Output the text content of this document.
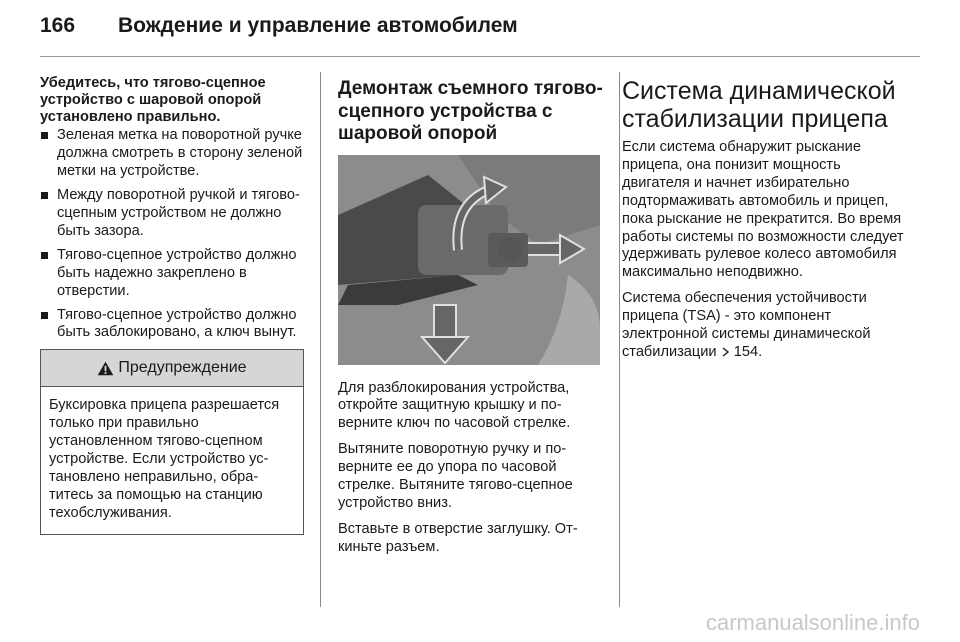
166 Вождение и управление автомобилем
Убедитесь, что тягово-сцепное устройство с шаровой опорой установлено правильно.
Зеленая метка на поворотной ручке должна смотреть в сторону зеленой метки на устройстве.
Между поворотной ручкой и тягово-сцепным устройством не должно быть зазора.
Тягово-сцепное устройство должно быть надежно закреплено в отверстии.
Тягово-сцепное устройство должно быть заблокировано, а ключ вынут.
Предупреждение
Буксировка прицепа разрешается только при правильно установленном тягово-сцепном устройстве. Если устройство установлено неправильно, обратитесь за помощью на станцию техобслуживания.
Демонтаж съемного тягово-сцепного устройства с шаровой опорой

Для разблокирования устройства, откройте защитную крышку и поверните ключ по часовой стрелке.

Вытяните поворотную ручку и поверните ее до упора по часовой стрелке. Вытяните тягово-сцепное устройство вниз.

Вставьте в отверстие заглушку. Откиньте разъем.

Система динамической стабилизации прицепа

Если система обнаружит рыскание прицепа, она понизит мощность двигателя и начнет избирательно подтормаживать автомобиль и прицеп, пока рыскание не прекратится. Во время работы системы по возможности следует удерживать рулевое колесо автомобиля максимально неподвижно.

Система обеспечения устойчивости прицепа (TSA) - это компонент электронной системы динамической стабилизации 154.

carmanualsonline.info
